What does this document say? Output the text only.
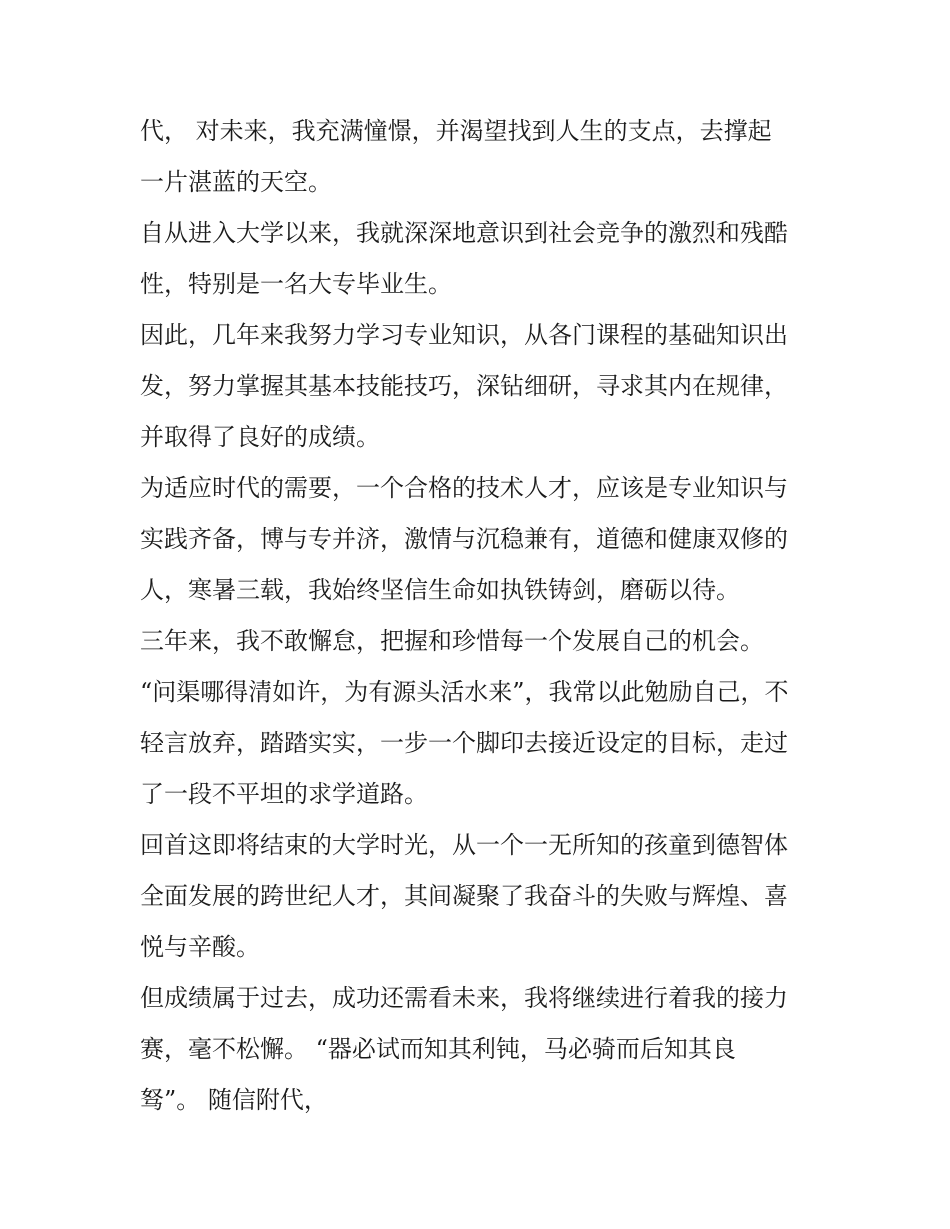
代， 对未来，我充满憧憬，并渴望找到人生的支点，去撑起
一片湛蓝的天空。
自从进入大学以来，我就深深地意识到社会竞争的激烈和残酷
性，特别是一名大专毕业生。
因此，几年来我努力学习专业知识，从各门课程的基础知识出
发，努力掌握其基本技能技巧，深钻细研，寻求其内在规律，
并取得了良好的成绩。
为适应时代的需要，一个合格的技术人才，应该是专业知识与
实践齐备，博与专并济，激情与沉稳兼有，道德和健康双修的
人，寒暑三载，我始终坚信生命如执铁铸剑，磨砺以待。
三年来，我不敢懈怠，把握和珍惜每一个发展自己的机会。
“问渠哪得清如许，为有源头活水来”，我常以此勉励自己，不
轻言放弃，踏踏实实，一步一个脚印去接近设定的目标，走过
了一段不平坦的求学道路。
回首这即将结束的大学时光，从一个一无所知的孩童到德智体
全面发展的跨世纪人才，其间凝聚了我奋斗的失败与辉煌、喜
悦与辛酸。
但成绩属于过去，成功还需看未来，我将继续进行着我的接力
赛，毫不松懈。 “器必试而知其利钝，马必骑而后知其良
驽”。 随信附代，
